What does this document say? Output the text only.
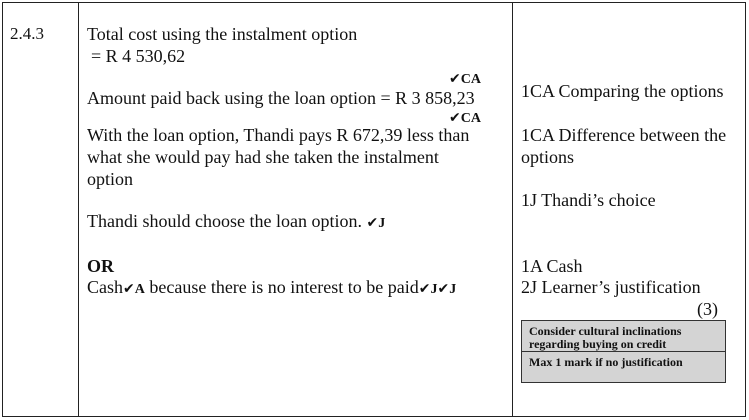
2.4.3 Total cost using the instalment option
= R 4 530,62
✔CA
Amount paid back using the loan option = R 3 858,23
✔CA
With the loan option, Thandi pays R 672,39 less than
what she would pay had she taken the instalment
option
Thandi should choose the loan option. ✔J
OR
Cash✔A because there is no interest to be paid✔J✔J
1CA Comparing the options
1CA Difference between the
options
1J Thandi’s choice
1A Cash
2J Learner’s justification
(3)
Consider cultural inclinations
regarding buying on credit
Max 1 mark if no justification
